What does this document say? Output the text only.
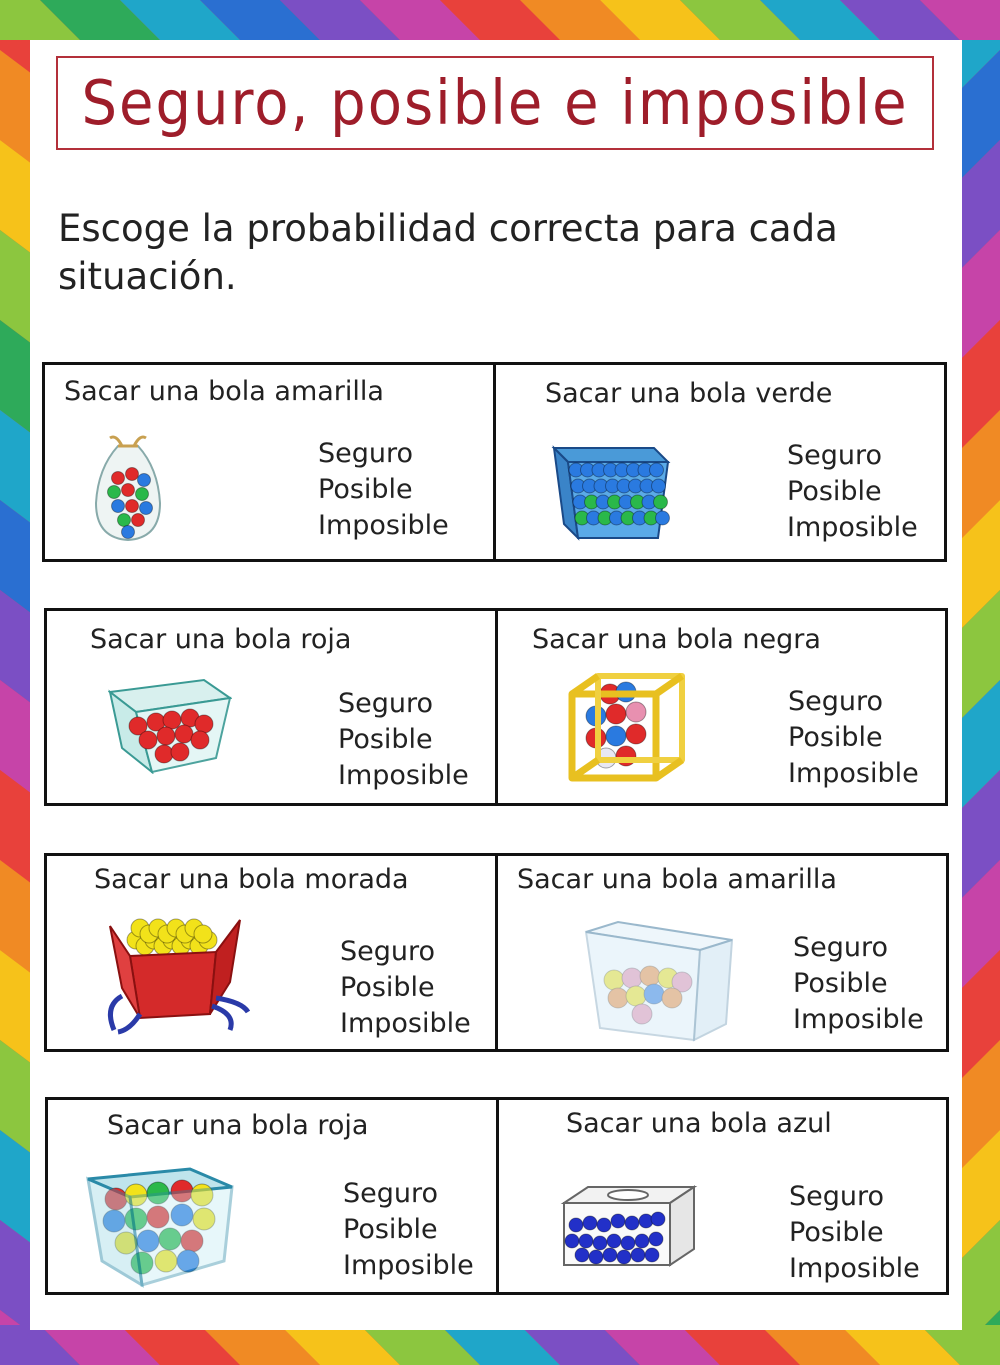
Seguro, posible e imposible
Escoge la probabilidad correcta para cada situación.
Sacar una bola amarilla
Seguro
Posible
Imposible
Sacar una bola verde
Seguro
Posible
Imposible
Sacar una bola roja
Seguro
Posible
Imposible
Sacar una bola negra
Seguro
Posible
Imposible
Sacar una bola morada
Seguro
Posible
Imposible
Sacar una bola amarilla
Seguro
Posible
Imposible
Sacar una bola roja
Seguro
Posible
Imposible
Sacar una bola azul
Seguro
Posible
Imposible
